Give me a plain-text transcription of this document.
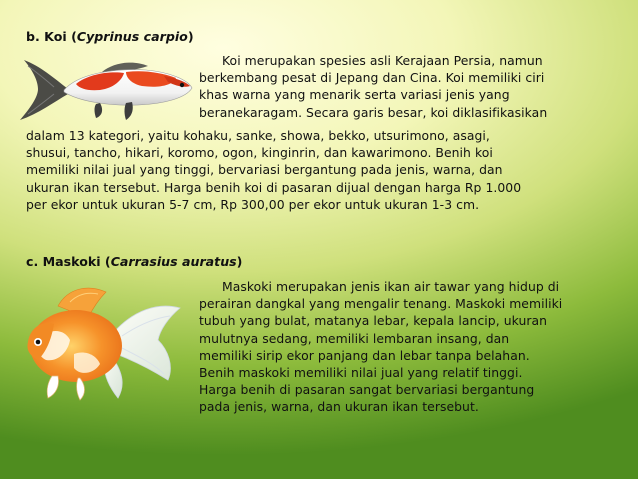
b. Koi (Cyprinus carpio)
Koi merupakan spesies asli Kerajaan Persia, namun
berkembang pesat di Jepang dan Cina. Koi memiliki ciri
khas warna yang menarik serta variasi jenis yang
beranekaragam. Secara garis besar, koi diklasifikasikan
dalam 13 kategori, yaitu kohaku, sanke, showa, bekko, utsurimono, asagi,
shusui, tancho, hikari, koromo, ogon, kinginrin, dan kawarimono. Benih koi
memiliki nilai jual yang tinggi, bervariasi bergantung pada jenis, warna, dan
ukuran ikan tersebut. Harga benih koi di pasaran dijual dengan harga Rp 1.000
per ekor untuk ukuran 5-7 cm, Rp 300,00 per ekor untuk ukuran 1-3 cm.
c. Maskoki (Carrasius auratus)
Maskoki merupakan jenis ikan air tawar yang hidup di
perairan dangkal yang mengalir tenang. Maskoki memiliki
tubuh yang bulat, matanya lebar, kepala lancip, ukuran
mulutnya sedang, memiliki lembaran insang, dan
memiliki sirip ekor panjang dan lebar tanpa belahan.
Benih maskoki memiliki nilai jual yang relatif tinggi.
Harga benih di pasaran sangat bervariasi bergantung
pada jenis, warna, dan ukuran ikan tersebut.
